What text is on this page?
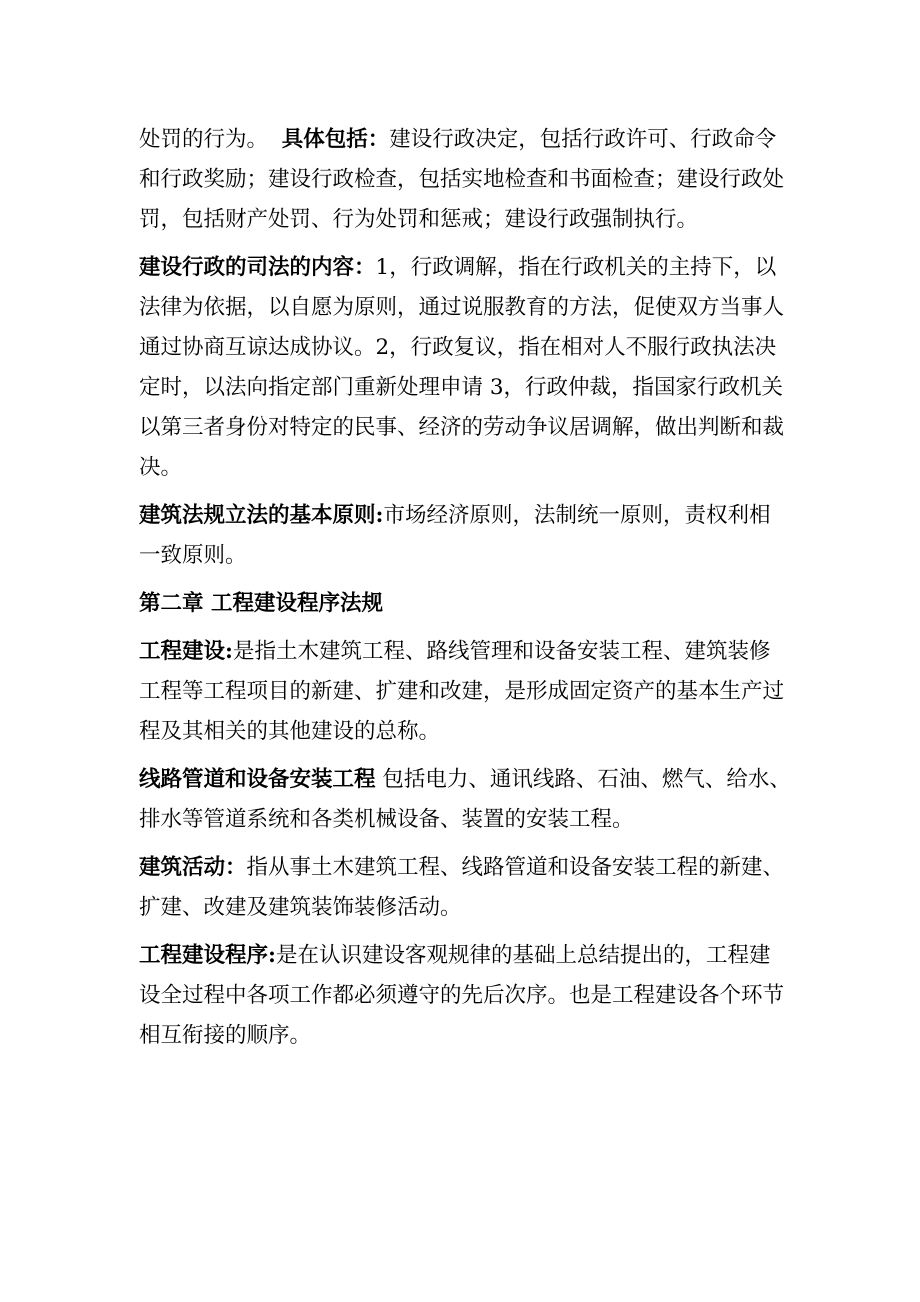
处罚的行为。 具体包括：建设行政决定，包括行政许可、行政命令
和行政奖励；建设行政检查，包括实地检查和书面检查；建设行政处
罚，包括财产处罚、行为处罚和惩戒；建设行政强制执行。

建设行政的司法的内容：1，行政调解，指在行政机关的主持下，以
法律为依据，以自愿为原则，通过说服教育的方法，促使双方当事人
通过协商互谅达成协议。2，行政复议，指在相对人不服行政执法决
定时，以法向指定部门重新处理申请 3，行政仲裁，指国家行政机关
以第三者身份对特定的民事、经济的劳动争议居调解，做出判断和裁
决。

建筑法规立法的基本原则:市场经济原则，法制统一原则，责权利相
一致原则。

第二章 工程建设程序法规

工程建设:是指土木建筑工程、路线管理和设备安装工程、建筑装修
工程等工程项目的新建、扩建和改建，是形成固定资产的基本生产过
程及其相关的其他建设的总称。

线路管道和设备安装工程 包括电力、通讯线路、石油、燃气、给水、
排水等管道系统和各类机械设备、装置的安装工程。

建筑活动：指从事土木建筑工程、线路管道和设备安装工程的新建、
扩建、改建及建筑装饰装修活动。

工程建设程序:是在认识建设客观规律的基础上总结提出的，工程建
设全过程中各项工作都必须遵守的先后次序。也是工程建设各个环节
相互衔接的顺序。
